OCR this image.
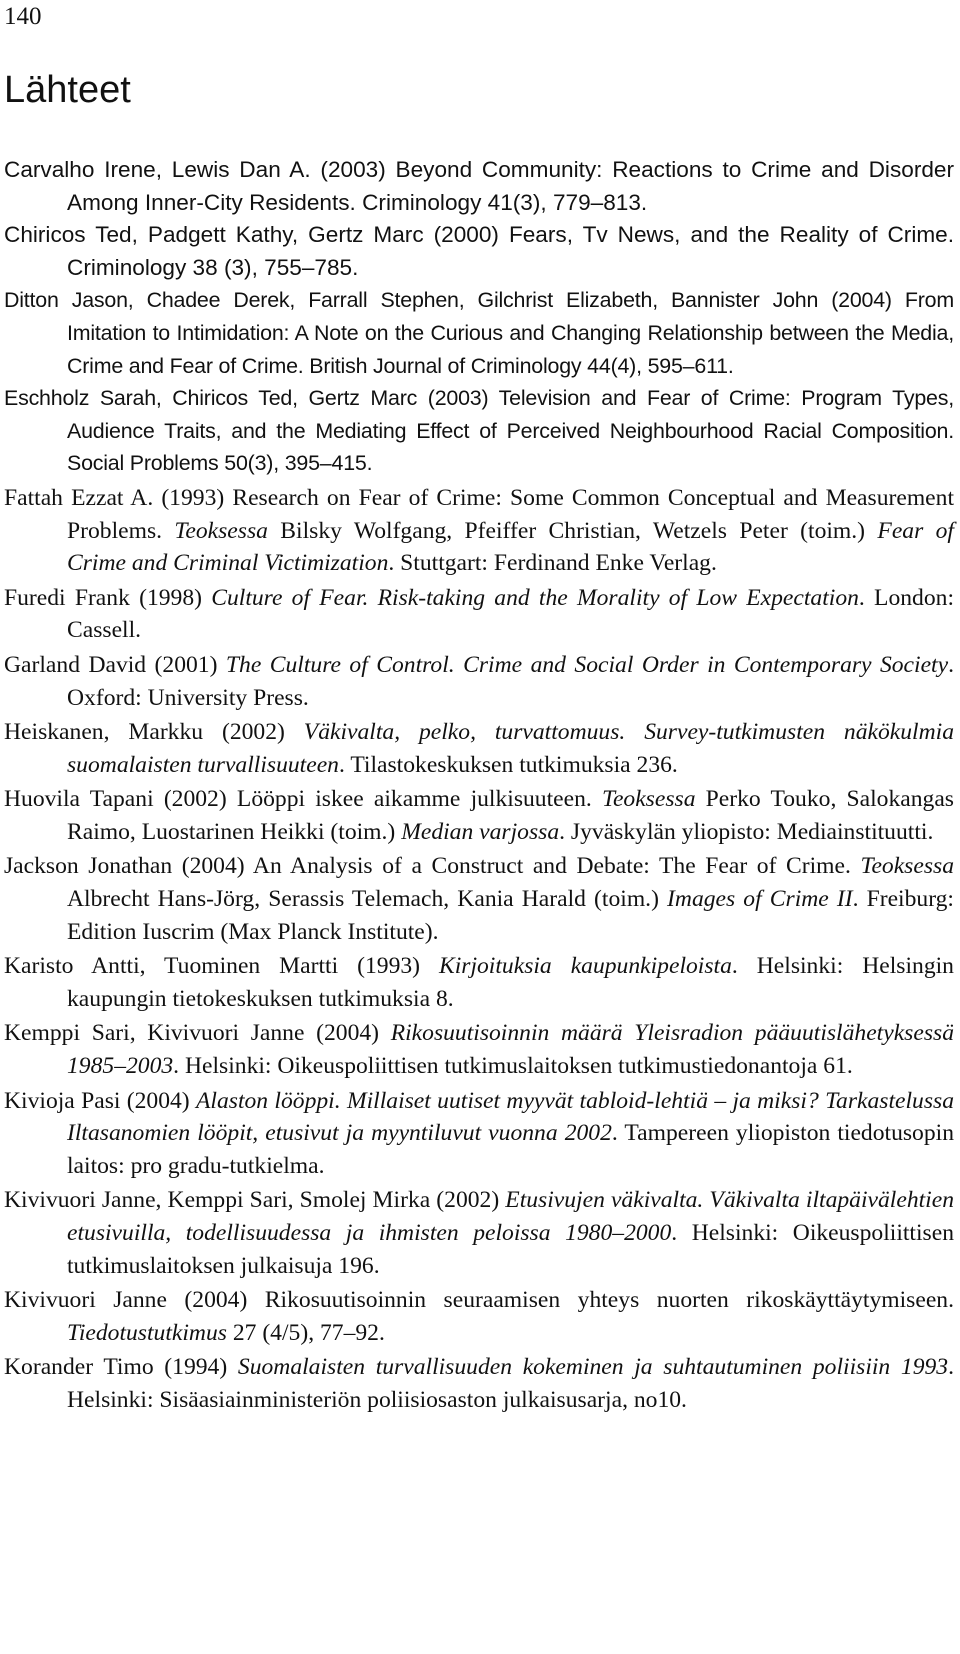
140
Lähteet
Carvalho Irene, Lewis Dan A. (2003) Beyond Community: Reactions to Crime and Disorder Among Inner-City Residents. Criminology 41(3), 779–813.
Chiricos Ted, Padgett Kathy, Gertz Marc (2000) Fears, Tv News, and the Reality of Crime. Criminology 38 (3), 755–785.
Ditton Jason, Chadee Derek, Farrall Stephen, Gilchrist Elizabeth, Bannister John (2004) From Imitation to Intimidation: A Note on the Curious and Changing Relationship between the Media, Crime and Fear of Crime. British Journal of Criminology 44(4), 595–611.
Eschholz Sarah, Chiricos Ted, Gertz Marc (2003) Television and Fear of Crime: Program Types, Audience Traits, and the Mediating Effect of Perceived Neighbourhood Racial Composition. Social Problems 50(3), 395–415.
Fattah Ezzat A. (1993) Research on Fear of Crime: Some Common Conceptual and Measurement Problems. Teoksessa Bilsky Wolfgang, Pfeiffer Christian, Wetzels Peter (toim.) Fear of Crime and Criminal Victimization. Stuttgart: Ferdinand Enke Verlag.
Furedi Frank (1998) Culture of Fear. Risk-taking and the Morality of Low Expectation. London: Cassell.
Garland David (2001) The Culture of Control. Crime and Social Order in Contemporary Society. Oxford: University Press.
Heiskanen, Markku (2002) Väkivalta, pelko, turvattomuus. Survey-tutkimusten näkökulmia suomalaisten turvallisuuteen. Tilastokeskuksen tutkimuksia 236.
Huovila Tapani (2002) Lööppi iskee aikamme julkisuuteen. Teoksessa Perko Touko, Salokangas Raimo, Luostarinen Heikki (toim.) Median varjossa. Jyväskylän yliopisto: Mediainstituutti.
Jackson Jonathan (2004) An Analysis of a Construct and Debate: The Fear of Crime. Teoksessa Albrecht Hans-Jörg, Serassis Telemach, Kania Harald (toim.) Images of Crime II. Freiburg: Edition Iuscrim (Max Planck Institute).
Karisto Antti, Tuominen Martti (1993) Kirjoituksia kaupunkipeloista. Helsinki: Helsingin kaupungin tietokeskuksen tutkimuksia 8.
Kemppi Sari, Kivivuori Janne (2004) Rikosuutisoinnin määrä Yleisradion pääuutislähetyksessä 1985–2003. Helsinki: Oikeuspoliittisen tutkimuslaitoksen tutkimustiedonantoja 61.
Kivioja Pasi (2004) Alaston lööppi. Millaiset uutiset myyvät tabloid-lehtiä – ja miksi? Tarkastelussa Iltasanomien lööpit, etusivut ja myyntiluvut vuonna 2002. Tampereen yliopiston tiedotusopin laitos: pro gradu-tutkielma.
Kivivuori Janne, Kemppi Sari, Smolej Mirka (2002) Etusivujen väkivalta. Väkivalta iltapäivälehtien etusivuilla, todellisuudessa ja ihmisten peloissa 1980–2000. Helsinki: Oikeuspoliittisen tutkimuslaitoksen julkaisuja 196.
Kivivuori Janne (2004) Rikosuutisoinnin seuraamisen yhteys nuorten rikoskäyttäytymiseen. Tiedotustutkimus 27 (4/5), 77–92.
Korander Timo (1994) Suomalaisten turvallisuuden kokeminen ja suhtautuminen poliisiin 1993. Helsinki: Sisäasiainministeriön poliisiosaston julkaisusarja, no10.
